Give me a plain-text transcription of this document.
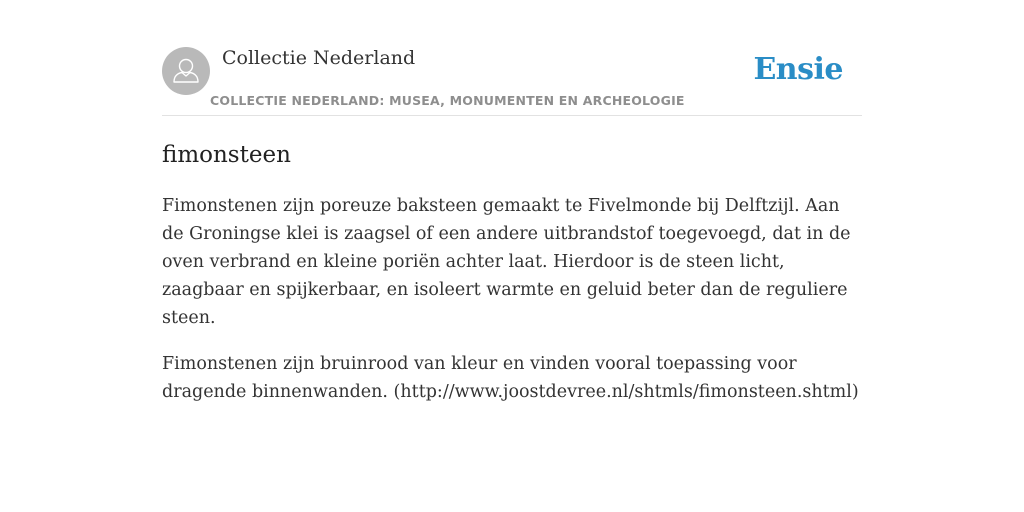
Collectie Nederland
COLLECTIE NEDERLAND: MUSEA, MONUMENTEN EN ARCHEOLOGIE
Ensie
fimonsteen

Fimonstenen zijn poreuze baksteen gemaakt te Fivelmonde bij Delftzijl. Aan de Groningse klei is zaagsel of een andere uitbrandstof toegevoegd, dat in de oven verbrand en kleine poriën achter laat. Hierdoor is de steen licht, zaagbaar en spijkerbaar, en isoleert warmte en geluid beter dan de reguliere steen.

Fimonstenen zijn bruinrood van kleur en vinden vooral toepassing voor dragende binnenwanden. (http://www.joostdevree.nl/shtmls/fimonsteen.shtml)
